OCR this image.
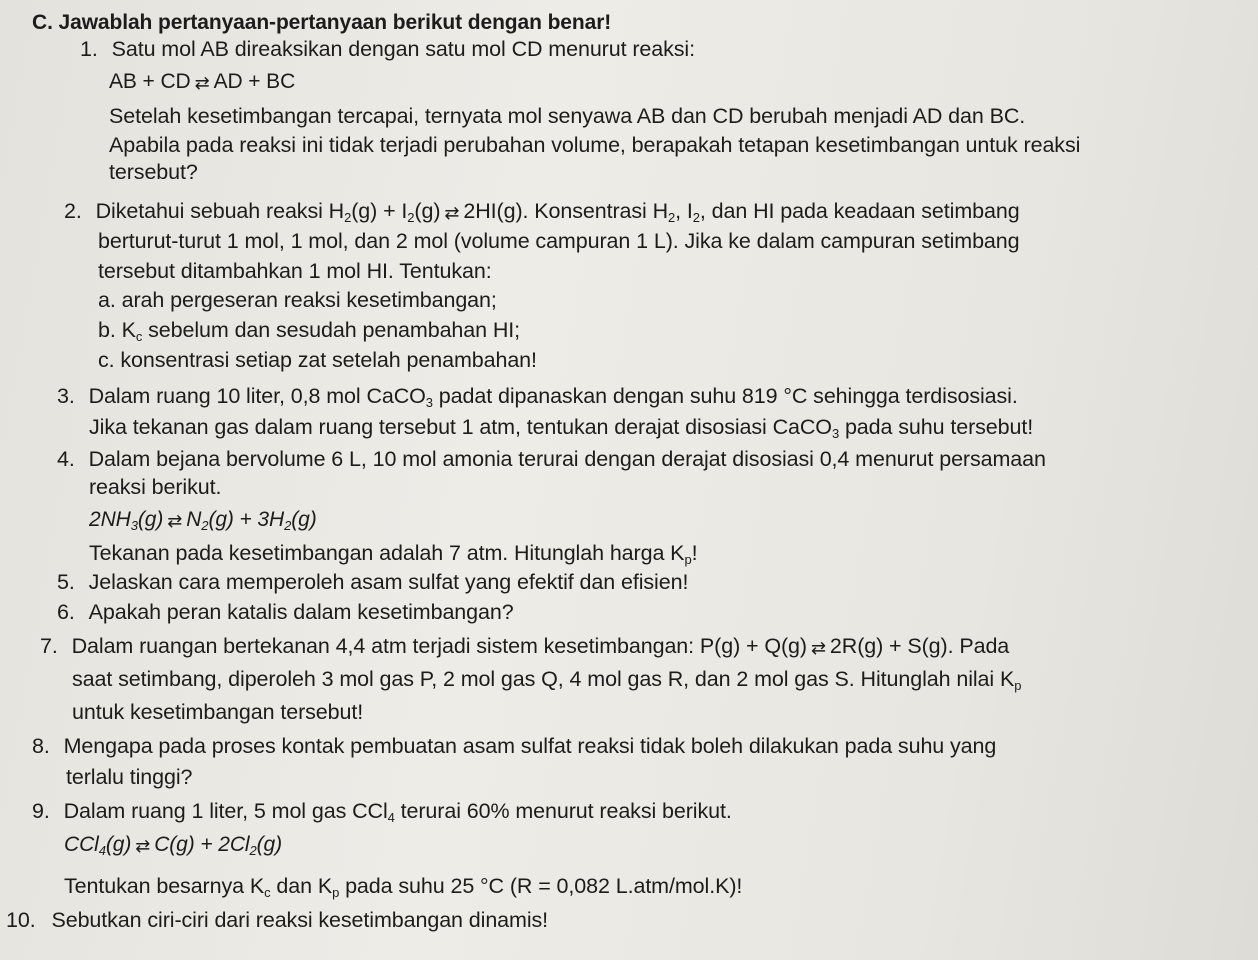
C. Jawablah pertanyaan-pertanyaan berikut dengan benar!
1. Satu mol AB direaksikan dengan satu mol CD menurut reaksi:
AB + CD ⇄ AD + BC
Setelah kesetimbangan tercapai, ternyata mol senyawa AB dan CD berubah menjadi AD dan BC.
Apabila pada reaksi ini tidak terjadi perubahan volume, berapakah tetapan kesetimbangan untuk reaksi
tersebut?
2. Diketahui sebuah reaksi $H_2(g) + I_2(g)$ ⇄ 2HI(g). Konsentrasi $H_2$, $I_2$, dan HI pada keadaan setimbang
berturut-turut 1 mol, 1 mol, dan 2 mol (volume campuran 1 L). Jika ke dalam campuran setimbang
tersebut ditambahkan 1 mol HI. Tentukan:
a. arah pergeseran reaksi kesetimbangan;
b. $K_c$ sebelum dan sesudah penambahan HI;
c. konsentrasi setiap zat setelah penambahan!
3. Dalam ruang 10 liter, 0,8 mol CaCO$_3$ padat dipanaskan dengan suhu 819 °C sehingga terdisosiasi.
Jika tekanan gas dalam ruang tersebut 1 atm, tentukan derajat disosiasi CaCO$_3$ pada suhu tersebut!
4. Dalam bejana bervolume 6 L, 10 mol amonia terurai dengan derajat disosiasi 0,4 menurut persamaan
reaksi berikut.
$2NH_3(g)$ ⇄ $N_2(g) + 3H_2(g)$
Tekanan pada kesetimbangan adalah 7 atm. Hitunglah harga $K_p$!
5. Jelaskan cara memperoleh asam sulfat yang efektif dan efisien!
6. Apakah peran katalis dalam kesetimbangan?
7. Dalam ruangan bertekanan 4,4 atm terjadi sistem kesetimbangan: P(g) + Q(g) ⇄ 2R(g) + S(g). Pada
saat setimbang, diperoleh 3 mol gas P, 2 mol gas Q, 4 mol gas R, dan 2 mol gas S. Hitunglah nilai $K_p$
untuk kesetimbangan tersebut!
8. Mengapa pada proses kontak pembuatan asam sulfat reaksi tidak boleh dilakukan pada suhu yang
terlalu tinggi?
9. Dalam ruang 1 liter, 5 mol gas CCl$_4$ terurai 60% menurut reaksi berikut.
CCl$_4$(g) ⇄ $C(g) + 2Cl_2(g)$
Tentukan besarnya $K_c$ dan $K_p$ pada suhu 25 °C (R = 0,082 L.atm/mol.K)!
10. Sebutkan ciri-ciri dari reaksi kesetimbangan dinamis!
